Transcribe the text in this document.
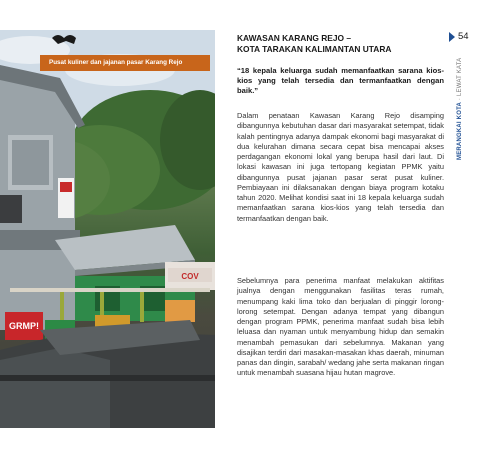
COV
GRMP!
Pusat kuliner dan jajanan pasar Karang Rejo
KAWASAN KARANG REJO –
KOTA TARAKAN KALIMANTAN UTARA

“18 kepala keluarga sudah memanfaatkan sarana kios-kios yang telah tersedia dan termanfaatkan dengan baik.”

Dalam penataan Kawasan Karang Rejo disamping dibangunnya kebutuhan dasar dari masyarakat setempat, tidak kalah pentingnya adanya dampak ekonomi bagi masyarakat di dua kelurahan dimana secara cepat bisa mencapai akses perdagangan ekonomi lokal yang berupa hasil dari laut. Di lokasi kawasan ini juga tertopang kegiatan PPMK yaitu dibangunnya pusat jajanan pasar serat pusat kuliner. Pembiayaan ini dilaksanakan dengan biaya program kotaku tahun 2020. Melihat kondisi saat ini 18 kepala keluarga sudah memanfaatkan sarana kios-kios yang telah tersedia dan termanfaatkan dengan baik.

Sebelumnya para penerima manfaat melakukan aktifitas jualnya dengan menggunakan fasilitas teras rumah, menumpang kaki lima toko dan berjualan di pinggir lorong-lorong setempat. Dengan adanya tempat yang dibangun dengan program PPMK, penerima manfaat sudah bisa lebih leluasa dan nyaman untuk menyambung hidup dan semakin menambah pemasukan dari sebelumnya. Makanan yang disajikan terdiri dari masakan-masakan khas daerah, minuman panas dan dingin, sarabah/ wedang jahe serta makanan ringan untuk menambah suasana hijau hutan magrove.

54
MERANGKAI KOTA · LEWAT KATA
